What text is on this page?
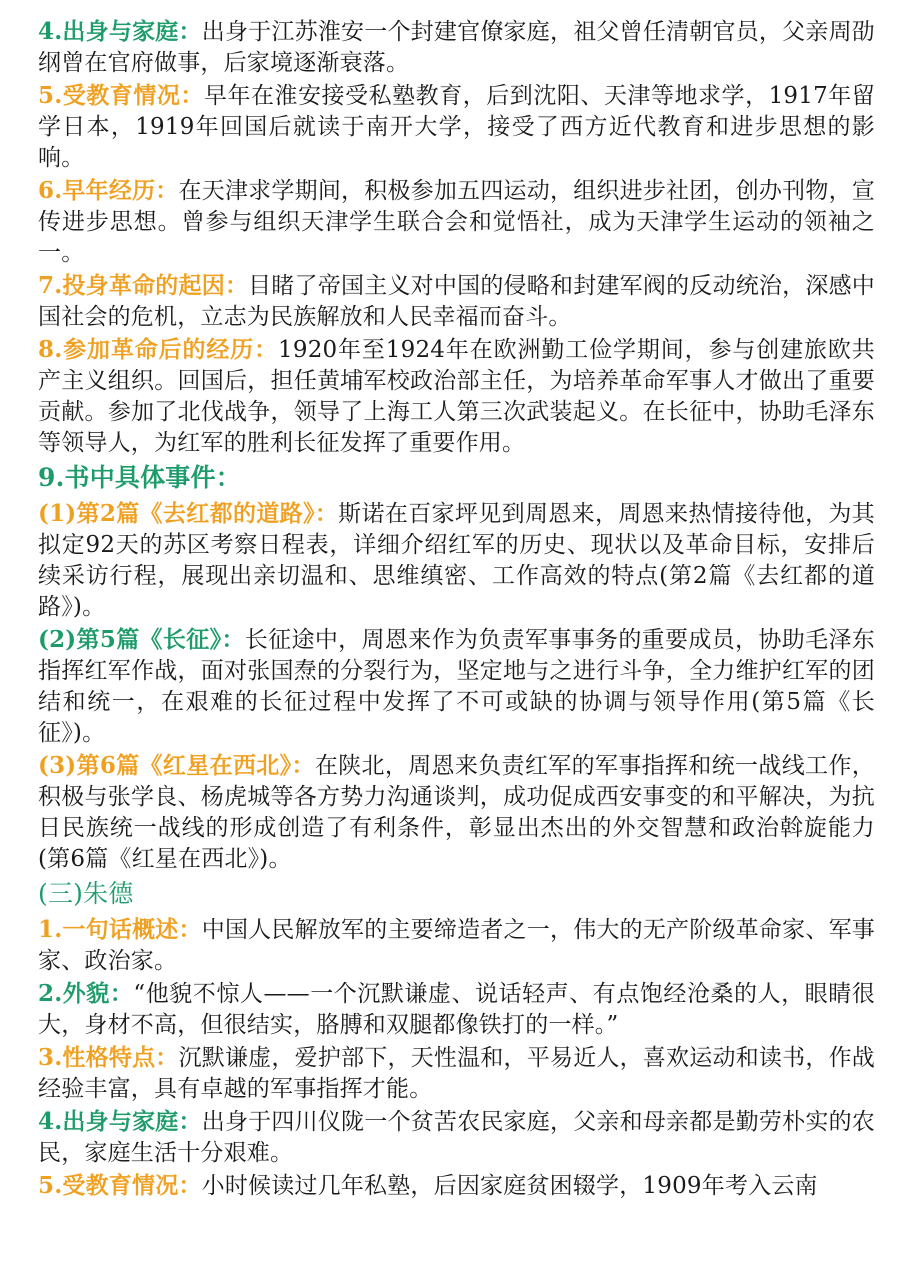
4.出身与家庭：出身于江苏淮安一个封建官僚家庭，祖父曾任清朝官员，父亲周劭纲曾在官府做事，后家境逐渐衰落。
5.受教育情况：早年在淮安接受私塾教育，后到沈阳、天津等地求学，1917年留学日本，1919年回国后就读于南开大学，接受了西方近代教育和进步思想的影响。
6.早年经历：在天津求学期间，积极参加五四运动，组织进步社团，创办刊物，宣传进步思想。曾参与组织天津学生联合会和觉悟社，成为天津学生运动的领袖之一。
7.投身革命的起因：目睹了帝国主义对中国的侵略和封建军阀的反动统治，深感中国社会的危机，立志为民族解放和人民幸福而奋斗。
8.参加革命后的经历：1920年至1924年在欧洲勤工俭学期间，参与创建旅欧共产主义组织。回国后，担任黄埔军校政治部主任，为培养革命军事人才做出了重要贡献。参加了北伐战争，领导了上海工人第三次武装起义。在长征中，协助毛泽东等领导人，为红军的胜利长征发挥了重要作用。
9.书中具体事件：
(1)第2篇《去红都的道路》：斯诺在百家坪见到周恩来，周恩来热情接待他，为其拟定92天的苏区考察日程表，详细介绍红军的历史、现状以及革命目标，安排后续采访行程，展现出亲切温和、思维缜密、工作高效的特点(第2篇《去红都的道路》)。
(2)第5篇《长征》：长征途中，周恩来作为负责军事事务的重要成员，协助毛泽东指挥红军作战，面对张国焘的分裂行为，坚定地与之进行斗争，全力维护红军的团结和统一，在艰难的长征过程中发挥了不可或缺的协调与领导作用(第5篇《长征》)。
(3)第6篇《红星在西北》：在陕北，周恩来负责红军的军事指挥和统一战线工作，积极与张学良、杨虎城等各方势力沟通谈判，成功促成西安事变的和平解决，为抗日民族统一战线的形成创造了有利条件，彰显出杰出的外交智慧和政治斡旋能力(第6篇《红星在西北》)。
(三)朱德
1.一句话概述：中国人民解放军的主要缔造者之一，伟大的无产阶级革命家、军事家、政治家。
2.外貌：“他貌不惊人——一个沉默谦虚、说话轻声、有点饱经沧桑的人，眼睛很大，身材不高，但很结实，胳膊和双腿都像铁打的一样。”
3.性格特点：沉默谦虚，爱护部下，天性温和，平易近人，喜欢运动和读书，作战经验丰富，具有卓越的军事指挥才能。
4.出身与家庭：出身于四川仪陇一个贫苦农民家庭，父亲和母亲都是勤劳朴实的农民，家庭生活十分艰难。
5.受教育情况：小时候读过几年私塾，后因家庭贫困辍学，1909年考入云南
